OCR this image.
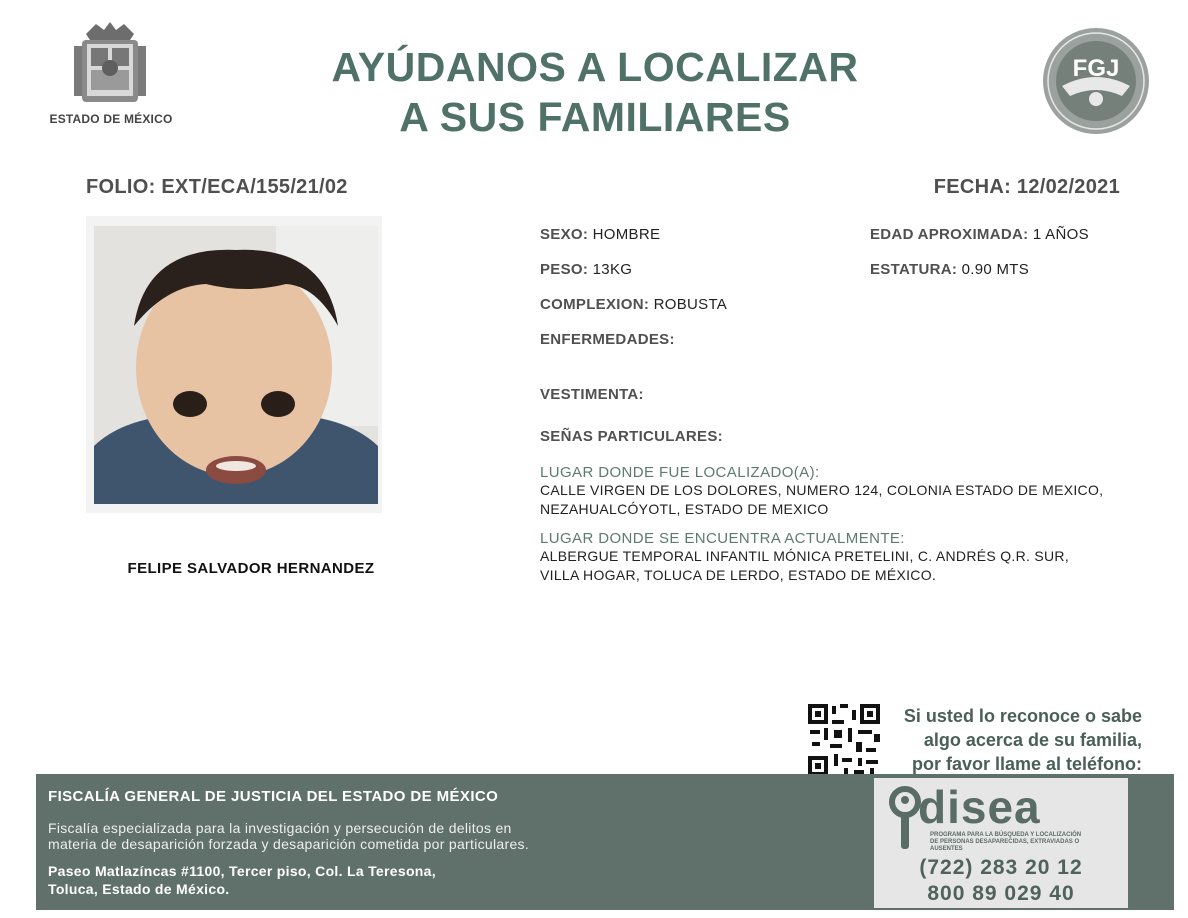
ESTADO DE MÉXICO
AYÚDANOS A LOCALIZAR
A SUS FAMILIARES
FGJ
FOLIO: EXT/ECA/155/21/02	FECHA: 12/02/2021
FELIPE SALVADOR HERNANDEZ
SEXO: HOMBRE	EDAD APROXIMADA: 1 AÑOS
PESO: 13KG	ESTATURA: 0.90 MTS
COMPLEXION: ROBUSTA
ENFERMEDADES:
VESTIMENTA:
SEÑAS PARTICULARES:
LUGAR DONDE FUE LOCALIZADO(A):
CALLE VIRGEN DE LOS DOLORES, NUMERO 124, COLONIA ESTADO DE MEXICO,
NEZAHUALCÓYOTL, ESTADO DE MEXICO
LUGAR DONDE SE ENCUENTRA ACTUALMENTE:
ALBERGUE TEMPORAL INFANTIL MÓNICA PRETELINI, C. ANDRÉS Q.R. SUR,
VILLA HOGAR, TOLUCA DE LERDO, ESTADO DE MÉXICO.
Si usted lo reconoce o sabe
algo acerca de su familia,
por favor llame al teléfono:
FISCALÍA GENERAL DE JUSTICIA DEL ESTADO DE MÉXICO
Fiscalía especializada para la investigación y persecución de delitos en
materia de desaparición forzada y desaparición cometida por particulares.
Paseo Matlazíncas #1100, Tercer piso, Col. La Teresona,
Toluca, Estado de México.
disea
PROGRAMA PARA LA BÚSQUEDA Y LOCALIZACIÓN
DE PERSONAS DESAPARECIDAS, EXTRAVIADAS O
AUSENTES
(722) 283 20 12
800 89 029 40
